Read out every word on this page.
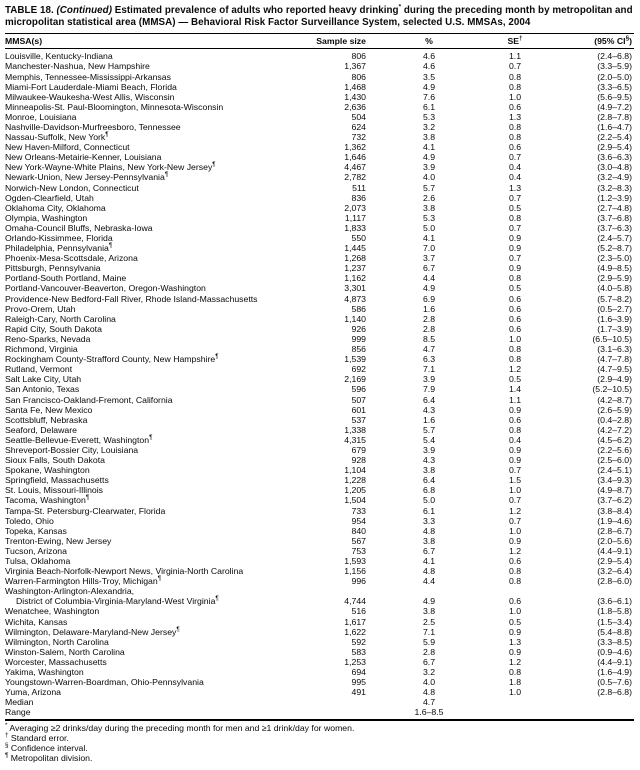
TABLE 18. (Continued) Estimated prevalence of adults who reported heavy drinking* during the preceding month by metropolitan and micropolitan statistical area (MMSA) — Behavioral Risk Factor Surveillance System, selected U.S. MMSAs, 2004
MMSA(s)	Sample size	%	SE†	(95% CI§)
Louisville, Kentucky-Indiana	806	4.6	1.1	(2.4–6.8)
Manchester-Nashua, New Hampshire	1,367	4.6	0.7	(3.3–5.9)
Memphis, Tennessee-Mississippi-Arkansas	806	3.5	0.8	(2.0–5.0)
Miami-Fort Lauderdale-Miami Beach, Florida	1,468	4.9	0.8	(3.3–6.5)
Milwaukee-Waukesha-West Allis, Wisconsin	1,430	7.6	1.0	(5.6–9.5)
Minneapolis-St. Paul-Bloomington, Minnesota-Wisconsin	2,636	6.1	0.6	(4.9–7.2)
Monroe, Louisiana	504	5.3	1.3	(2.8–7.8)
Nashville-Davidson-Murfreesboro, Tennessee	624	3.2	0.8	(1.6–4.7)
Nassau-Suffolk, New York¶	732	3.8	0.8	(2.2–5.4)
New Haven-Milford, Connecticut	1,362	4.1	0.6	(2.9–5.4)
New Orleans-Metairie-Kenner, Louisiana	1,646	4.9	0.7	(3.6–6.3)
New York-Wayne-White Plains, New York-New Jersey¶	4,467	3.9	0.4	(3.0–4.8)
Newark-Union, New Jersey-Pennsylvania¶	2,782	4.0	0.4	(3.2–4.9)
Norwich-New London, Connecticut	511	5.7	1.3	(3.2–8.3)
Ogden-Clearfield, Utah	836	2.6	0.7	(1.2–3.9)
Oklahoma City, Oklahoma	2,073	3.8	0.5	(2.7–4.8)
Olympia, Washington	1,117	5.3	0.8	(3.7–6.8)
Omaha-Council Bluffs, Nebraska-Iowa	1,833	5.0	0.7	(3.7–6.3)
Orlando-Kissimmee, Florida	550	4.1	0.9	(2.4–5.7)
Philadelphia, Pennsylvania¶	1,445	7.0	0.9	(5.2–8.7)
Phoenix-Mesa-Scottsdale, Arizona	1,268	3.7	0.7	(2.3–5.0)
Pittsburgh, Pennsylvania	1,237	6.7	0.9	(4.9–8.5)
Portland-South Portland, Maine	1,162	4.4	0.8	(2.9–5.9)
Portland-Vancouver-Beaverton, Oregon-Washington	3,301	4.9	0.5	(4.0–5.8)
Providence-New Bedford-Fall River, Rhode Island-Massachusetts	4,873	6.9	0.6	(5.7–8.2)
Provo-Orem, Utah	586	1.6	0.6	(0.5–2.7)
Raleigh-Cary, North Carolina	1,140	2.8	0.6	(1.6–3.9)
Rapid City, South Dakota	926	2.8	0.6	(1.7–3.9)
Reno-Sparks, Nevada	999	8.5	1.0	(6.5–10.5)
Richmond, Virginia	856	4.7	0.8	(3.1–6.3)
Rockingham County-Strafford County, New Hampshire¶	1,539	6.3	0.8	(4.7–7.8)
Rutland, Vermont	692	7.1	1.2	(4.7–9.5)
Salt Lake City, Utah	2,169	3.9	0.5	(2.9–4.9)
San Antonio, Texas	596	7.9	1.4	(5.2–10.5)
San Francisco-Oakland-Fremont, California	507	6.4	1.1	(4.2–8.7)
Santa Fe, New Mexico	601	4.3	0.9	(2.6–5.9)
Scottsbluff, Nebraska	537	1.6	0.6	(0.4–2.8)
Seaford, Delaware	1,338	5.7	0.8	(4.2–7.2)
Seattle-Bellevue-Everett, Washington¶	4,315	5.4	0.4	(4.5–6.2)
Shreveport-Bossier City, Louisiana	679	3.9	0.9	(2.2–5.6)
Sioux Falls, South Dakota	928	4.3	0.9	(2.5–6.0)
Spokane, Washington	1,104	3.8	0.7	(2.4–5.1)
Springfield, Massachusetts	1,228	6.4	1.5	(3.4–9.3)
St. Louis, Missouri-Illinois	1,205	6.8	1.0	(4.9–8.7)
Tacoma, Washington¶	1,504	5.0	0.7	(3.7–6.2)
Tampa-St. Petersburg-Clearwater, Florida	733	6.1	1.2	(3.8–8.4)
Toledo, Ohio	954	3.3	0.7	(1.9–4.6)
Topeka, Kansas	840	4.8	1.0	(2.8–6.7)
Trenton-Ewing, New Jersey	567	3.8	0.9	(2.0–5.6)
Tucson, Arizona	753	6.7	1.2	(4.4–9.1)
Tulsa, Oklahoma	1,593	4.1	0.6	(2.9–5.4)
Virginia Beach-Norfolk-Newport News, Virginia-North Carolina	1,156	4.8	0.8	(3.2–6.4)
Warren-Farmington Hills-Troy, Michigan¶	996	4.4	0.8	(2.8–6.0)

Washington-Arlington-Alexandria,
District of Columbia-Virginia-Maryland-West Virginia¶	4,744	4.9	0.6	(3.6–6.1)
Wenatchee, Washington	516	3.8	1.0	(1.8–5.8)
Wichita, Kansas	1,617	2.5	0.5	(1.5–3.4)
Wilmington, Delaware-Maryland-New Jersey¶	1,622	7.1	0.9	(5.4–8.8)
Wilmington, North Carolina	592	5.9	1.3	(3.3–8.5)
Winston-Salem, North Carolina	583	2.8	0.9	(0.9–4.6)
Worcester, Massachusetts	1,253	6.7	1.2	(4.4–9.1)
Yakima, Washington	694	3.2	0.8	(1.6–4.9)
Youngstown-Warren-Boardman, Ohio-Pennsylvania	995	4.0	1.8	(0.5–7.6)
Yuma, Arizona	491	4.8	1.0	(2.8–6.8)
Median		4.7		
Range		1.6–8.5		
* Averaging ≥2 drinks/day during the preceding month for men and ≥1 drink/day for women.
† Standard error.
§ Confidence interval.
¶ Metropolitan division.
